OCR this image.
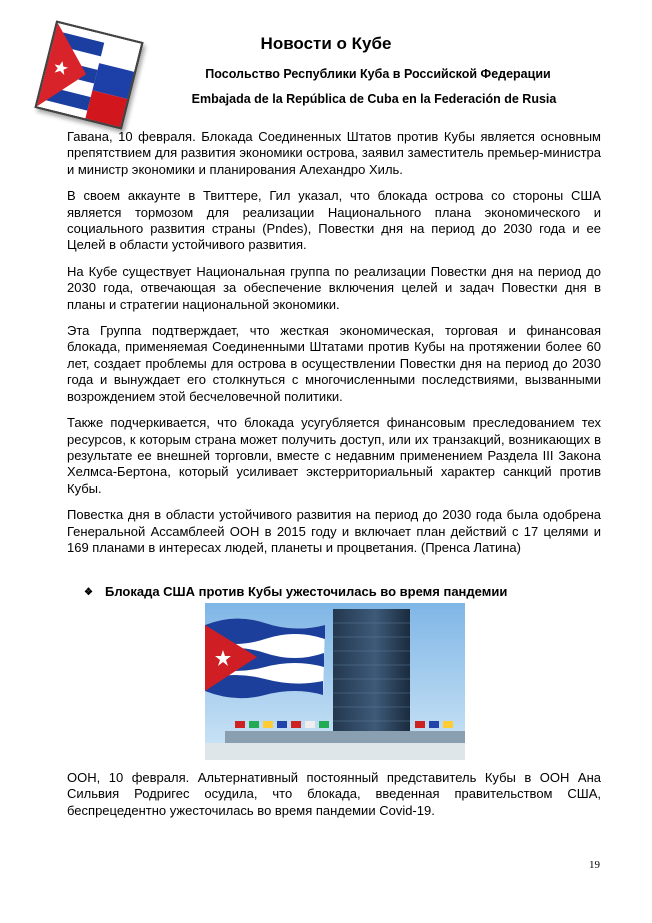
Новости о Кубе

Посольство Республики Куба в Российской Федерации

Embajada de la República de Cuba en la Federación de Rusia

Гавана, 10 февраля. Блокада Соединенных Штатов против Кубы является основным препятствием для развития экономики острова, заявил заместитель премьер-министра и министр экономики и планирования Алехандро Хиль.

В своем аккаунте в Твиттере, Гил указал, что блокада острова со стороны США является тормозом для реализации Национального плана экономического и социального развития страны (Pndes), Повестки дня на период до 2030 года и ее Целей в области устойчивого развития.

На Кубе существует Национальная группа по реализации Повестки дня на период до 2030 года, отвечающая за обеспечение включения целей и задач Повестки дня в планы и стратегии национальной экономики.

Эта Группа подтверждает, что жесткая экономическая, торговая и финансовая блокада, применяемая Соединенными Штатами против Кубы на протяжении более 60 лет, создает проблемы для острова в осуществлении Повестки дня на период до 2030 года и вынуждает его столкнуться с многочисленными последствиями, вызванными возрождением этой бесчеловечной политики.

Также подчеркивается, что блокада усугубляется финансовым преследованием тех ресурсов, к которым страна может получить доступ, или их транзакций, возникающих в результате ее внешней торговли, вместе с недавним применением Раздела III Закона Хелмса-Бертона, который усиливает экстерриториальный характер санкций против Кубы.

Повестка дня в области устойчивого развития на период до 2030 года была одобрена Генеральной Ассамблеей ООН в 2015 году и включает план действий с 17 целями и 169 планами в интересах людей, планеты и процветания. (Пренса Латина)

❖ Блокада США против Кубы ужесточилась во время пандемии

ООН, 10 февраля. Альтернативный постоянный представитель Кубы в ООН Ана Сильвия Родригес осудила, что блокада, введенная правительством США, беспрецедентно ужесточилась во время пандемии Covid-19.

19
